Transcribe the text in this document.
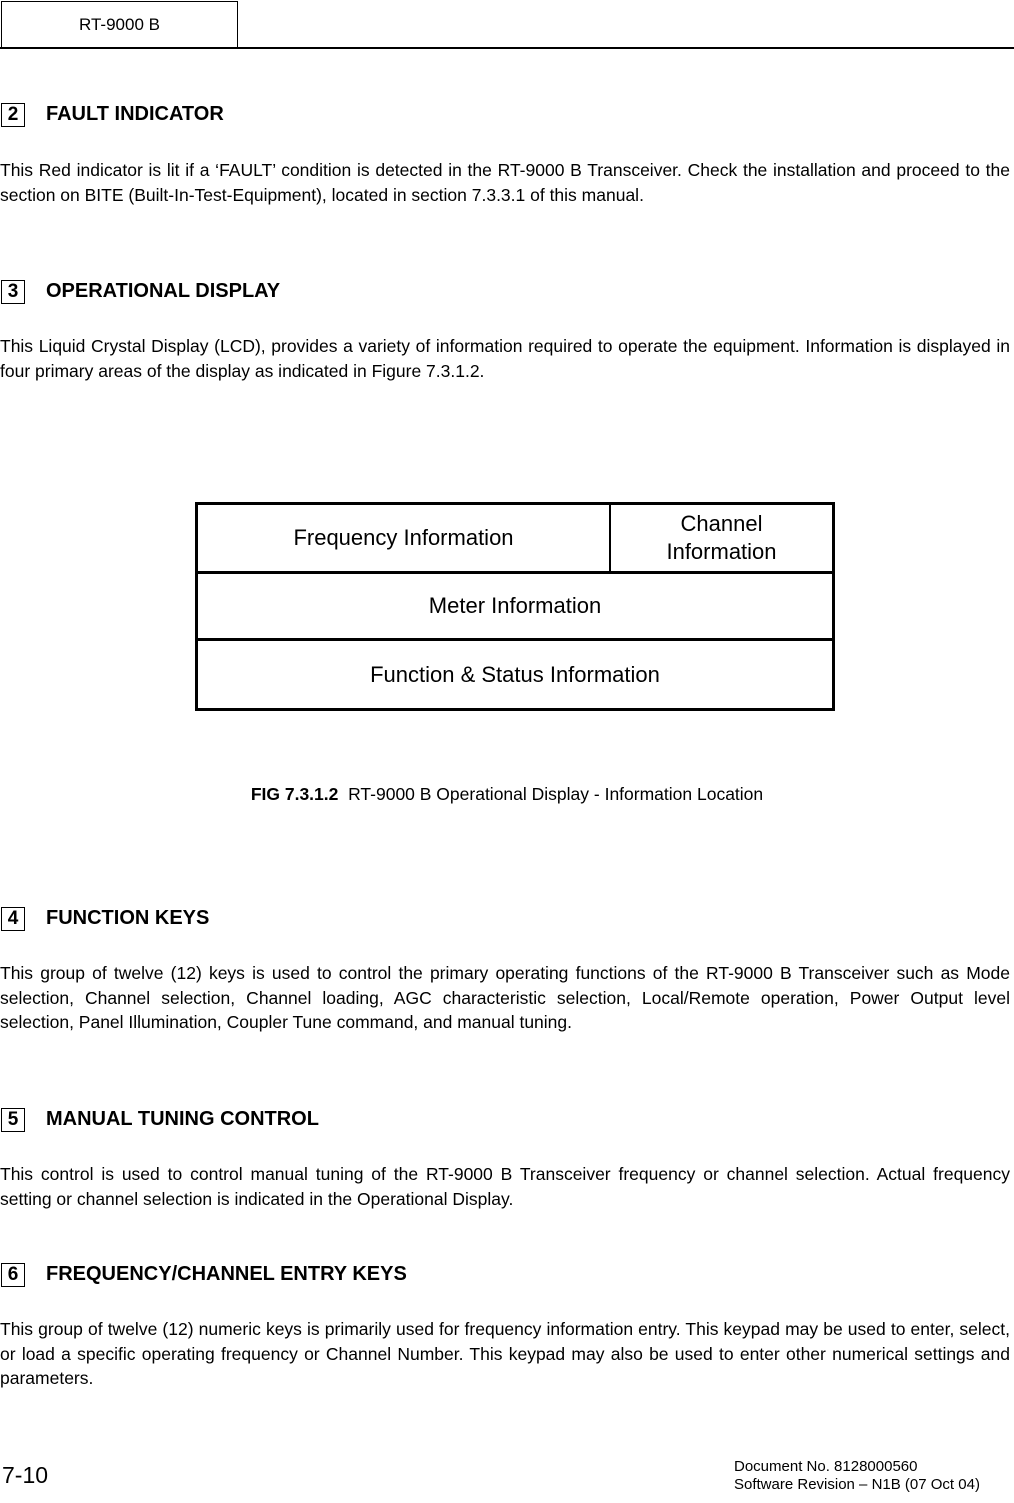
RT-9000 B
2	FAULT INDICATOR

This Red indicator is lit if a ‘FAULT’ condition is detected in the RT-9000 B Transceiver. Check the installation and proceed to the section on BITE (Built-In-Test-Equipment), located in section 7.3.3.1 of this manual.

3	OPERATIONAL DISPLAY

This Liquid Crystal Display (LCD), provides a variety of information required to operate the equipment. Information is displayed in four primary areas of the display as indicated in Figure 7.3.1.2.

Frequency Information
Channel
Information
Meter Information
Function & Status Information
FIG 7.3.1.2 RT-9000 B Operational Display - Information Location
4	FUNCTION KEYS

This group of twelve (12) keys is used to control the primary operating functions of the RT-9000 B Transceiver such as Mode selection, Channel selection, Channel loading, AGC characteristic selection, Local/Remote operation, Power Output level selection, Panel Illumination, Coupler Tune command, and manual tuning.

5	MANUAL TUNING CONTROL

This control is used to control manual tuning of the RT-9000 B Transceiver frequency or channel selection. Actual frequency setting or channel selection is indicated in the Operational Display.

6	FREQUENCY/CHANNEL ENTRY KEYS

This group of twelve (12) numeric keys is primarily used for frequency information entry. This keypad may be used to enter, select, or load a specific operating frequency or Channel Number. This keypad may also be used to enter other numerical settings and parameters.

7-10	Document No. 8128000560
Software Revision – N1B (07 Oct 04)
